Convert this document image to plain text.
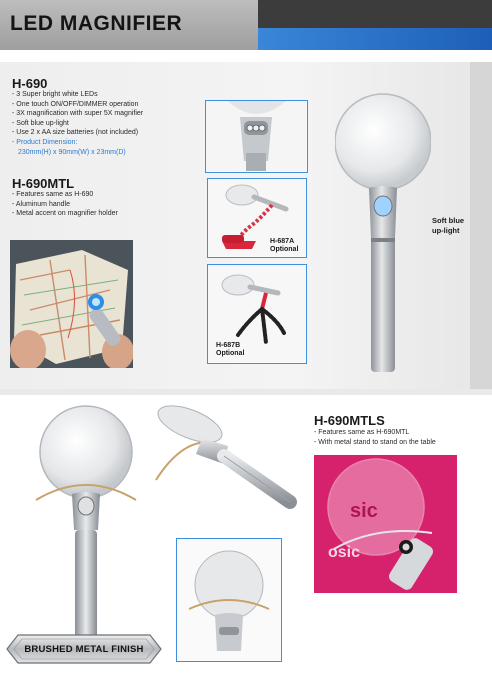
LED MAGNIFIER
H-690
- 3 Super bright white LEDs
- One touch ON/OFF/DIMMER operation
- 3X magnification with super 5X magnifier
- Soft blue up-light
- Use 2 x AA size batteries (not included)
- Product Dimension:
230mm(H) x 90mm(W) x 23mm(D)
H-690MTL
- Features same as H-690
- Aluminum handle
- Metal accent on magnifier holder
H-687A
Optional
H-687B
Optional
Soft blue
up-light
H-690MTLS
- Features same as H-690MTL
- With metal stand to stand on the table
osic
sic
BRUSHED METAL FINISH
